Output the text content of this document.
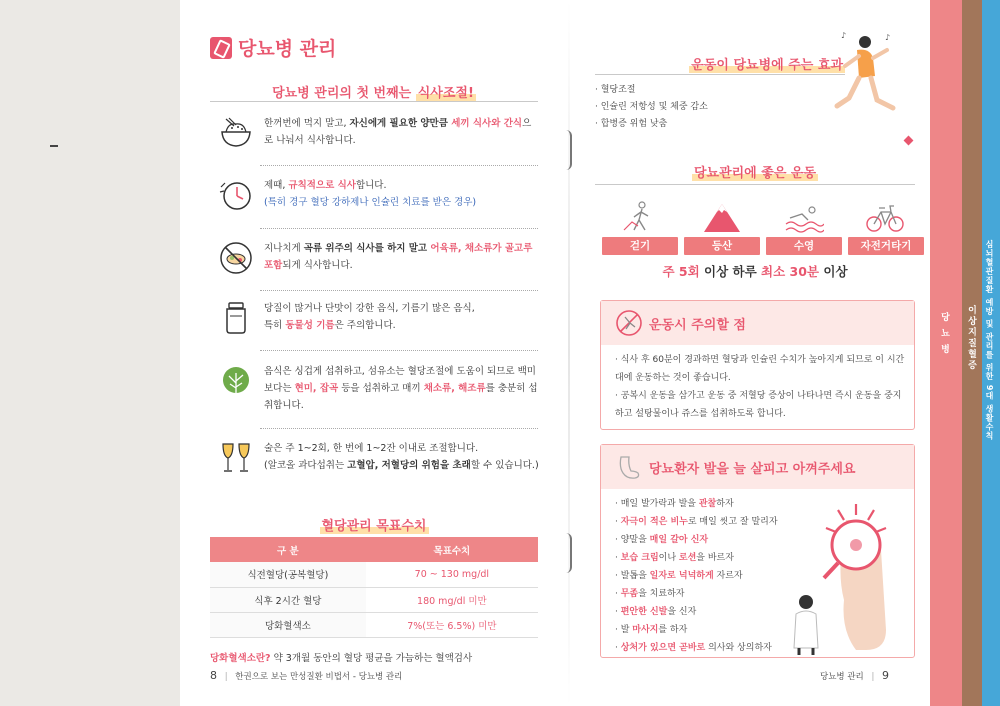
당뇨병 관리
당뇨병 관리의 첫 번째는 식사조절!
한꺼번에 먹지 말고, 자신에게 필요한 양만큼 세끼 식사와 간식으로 나눠서 식사합니다.
제때, 규칙적으로 식사합니다.
(특히 경구 혈당 강하제나 인슐린 치료를 받은 경우)
지나치게 곡류 위주의 식사를 하지 말고 어육류, 채소류가 골고루 포함되게 식사합니다.
당질이 많거나 단맛이 강한 음식, 기름기 많은 음식,
특히 동물성 기름은 주의합니다.
음식은 싱겁게 섭취하고, 섬유소는 혈당조절에 도움이 되므로 백미보다는 현미, 잡곡 등을 섭취하고 매끼 채소류, 해조류를 충분히 섭취합니다.
술은 주 1~2회, 한 번에 1~2잔 이내로 조절합니다.
(알코올 과다섭취는 고혈압, 저혈당의 위험을 초래할 수 있습니다.)
혈당관리 목표수치
구 분	목표수치
식전혈당(공복혈당)	70 ~ 130 mg/dl
식후 2시간 혈당	180 mg/dl 미만
당화혈색소	7%(또는 6.5%) 미만
당화혈색소란? 약 3개월 동안의 혈당 평균을 가늠하는 혈액검사
8 | 한권으로 보는 만성질환 비법서 - 당뇨병 관리
운동이 당뇨병에 주는 효과
♪
♪
· 혈당조절
· 인슐린 저항성 및 체중 감소
· 합병증 위험 낮춤
당뇨관리에 좋은 운동
걷기	등산	수영	자전거타기
주 5회 이상 하루 최소 30분 이상
운동시 주의할 점
· 식사 후 60분이 경과하면 혈당과 인슐린 수치가 높아지게 되므로 이 시간대에 운동하는 것이 좋습니다.
· 공복시 운동을 삼가고 운동 중 저혈당 증상이 나타나면 즉시 운동을 중지하고 설탕물이나 쥬스를 섭취하도록 합니다.
당뇨환자 발을 늘 살피고 아껴주세요
· 매일 발가락과 발을 관찰하자
· 자극이 적은 비누로 매일 씻고 잘 말리자
· 양말을 매일 갈아 신자
· 보습 크림이나 로션을 바르자
· 발톱을 일자로 넉넉하게 자르자
· 무좀을 치료하자
· 편안한 신발을 신자
· 발 마사지를 하자
· 상처가 있으면 곧바로 의사와 상의하자
당뇨병 관리 | 9
당 뇨 병 이상지질혈증 심뇌혈관질환 예방 및 관리를 위한 9대 생활수칙
